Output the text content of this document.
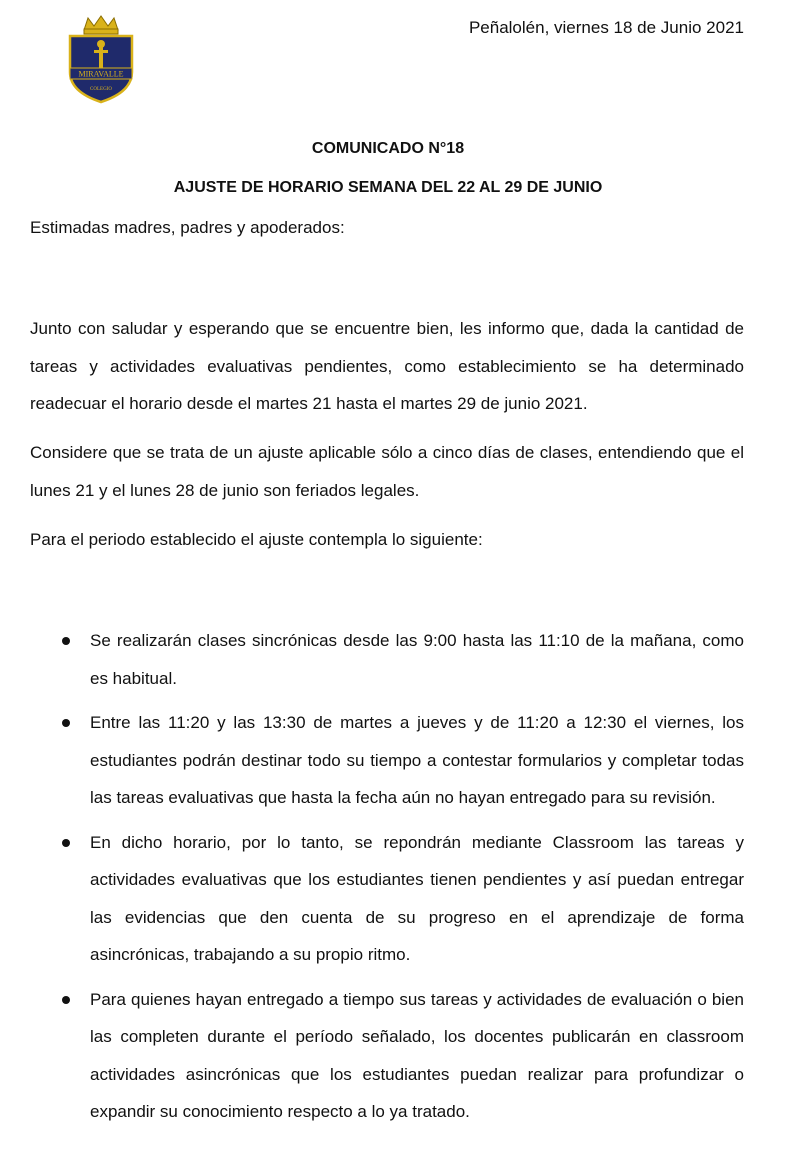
MIRAVALLE
COLEGIO
Peñalolén, viernes 18 de Junio 2021
COMUNICADO N°18
AJUSTE DE HORARIO SEMANA DEL 22 AL 29 DE JUNIO

Estimadas madres, padres y apoderados:

Junto con saludar y esperando que se encuentre bien, les informo que, dada la cantidad de tareas y actividades evaluativas pendientes, como establecimiento se ha determinado readecuar el horario desde el martes 21 hasta el martes 29 de junio 2021.

Considere que se trata de un ajuste aplicable sólo a cinco días de clases, entendiendo que el lunes 21 y el lunes 28 de junio son feriados legales.

Para el periodo establecido el ajuste contempla lo siguiente:

Se realizarán clases sincrónicas desde las 9:00 hasta las 11:10 de la mañana, como es habitual.
Entre las 11:20 y las 13:30 de martes a jueves y de 11:20 a 12:30 el viernes, los estudiantes podrán destinar todo su tiempo a contestar formularios y completar todas las tareas evaluativas que hasta la fecha aún no hayan entregado para su revisión.
En dicho horario, por lo tanto, se repondrán mediante Classroom las tareas y actividades evaluativas que los estudiantes tienen pendientes y así puedan entregar las evidencias que den cuenta de su progreso en el aprendizaje de forma asincrónicas, trabajando a su propio ritmo.
Para quienes hayan entregado a tiempo sus tareas y actividades de evaluación o bien las completen durante el período señalado, los docentes publicarán en classroom actividades asincrónicas que los estudiantes puedan realizar para profundizar o expandir su conocimiento respecto a lo ya tratado.
